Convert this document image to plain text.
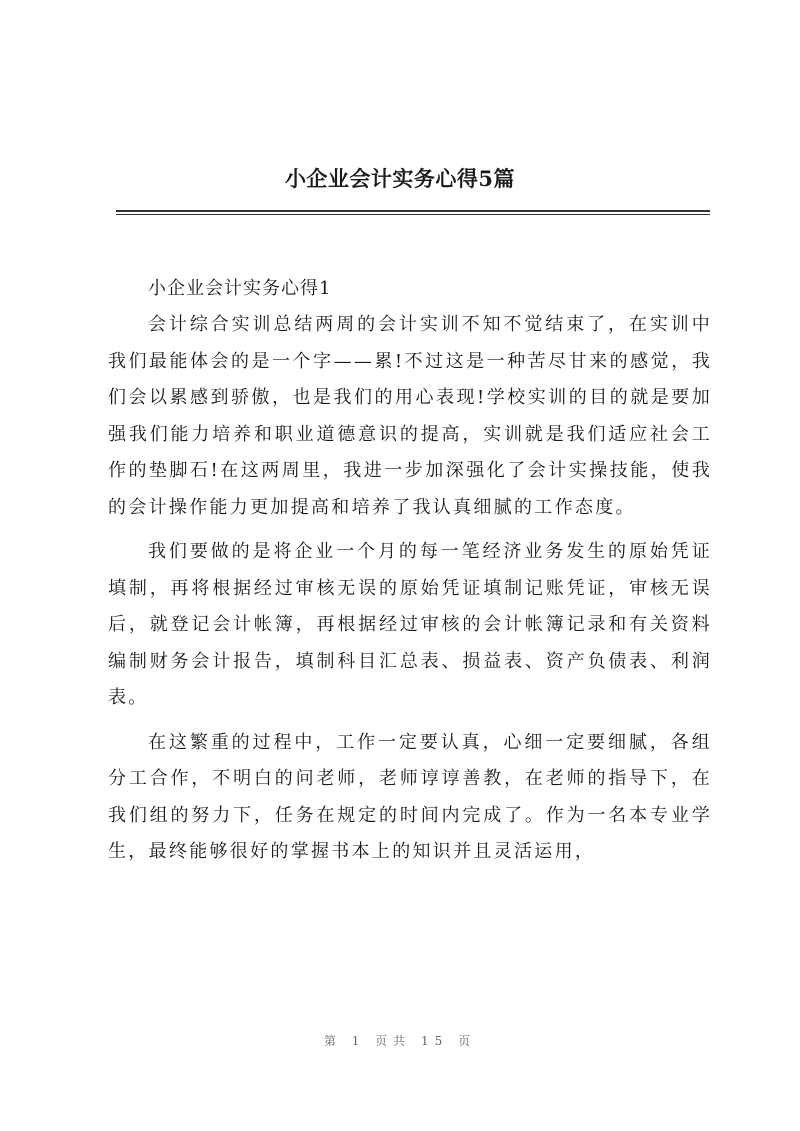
小企业会计实务心得5篇

小企业会计实务心得1

会计综合实训总结两周的会计实训不知不觉结束了，在实训中我们最能体会的是一个字——累!不过这是一种苦尽甘来的感觉，我们会以累感到骄傲，也是我们的用心表现!学校实训的目的就是要加强我们能力培养和职业道德意识的提高，实训就是我们适应社会工作的垫脚石!在这两周里，我进一步加深强化了会计实操技能，使我的会计操作能力更加提高和培养了我认真细腻的工作态度。

我们要做的是将企业一个月的每一笔经济业务发生的原始凭证填制，再将根据经过审核无误的原始凭证填制记账凭证，审核无误后，就登记会计帐簿，再根据经过审核的会计帐簿记录和有关资料编制财务会计报告，填制科目汇总表、损益表、资产负债表、利润表。

在这繁重的过程中，工作一定要认真，心细一定要细腻，各组分工合作，不明白的问老师，老师谆谆善教，在老师的指导下，在我们组的努力下，任务在规定的时间内完成了。作为一名本专业学生，最终能够很好的掌握书本上的知识并且灵活运用，

第 1 页共 15 页
